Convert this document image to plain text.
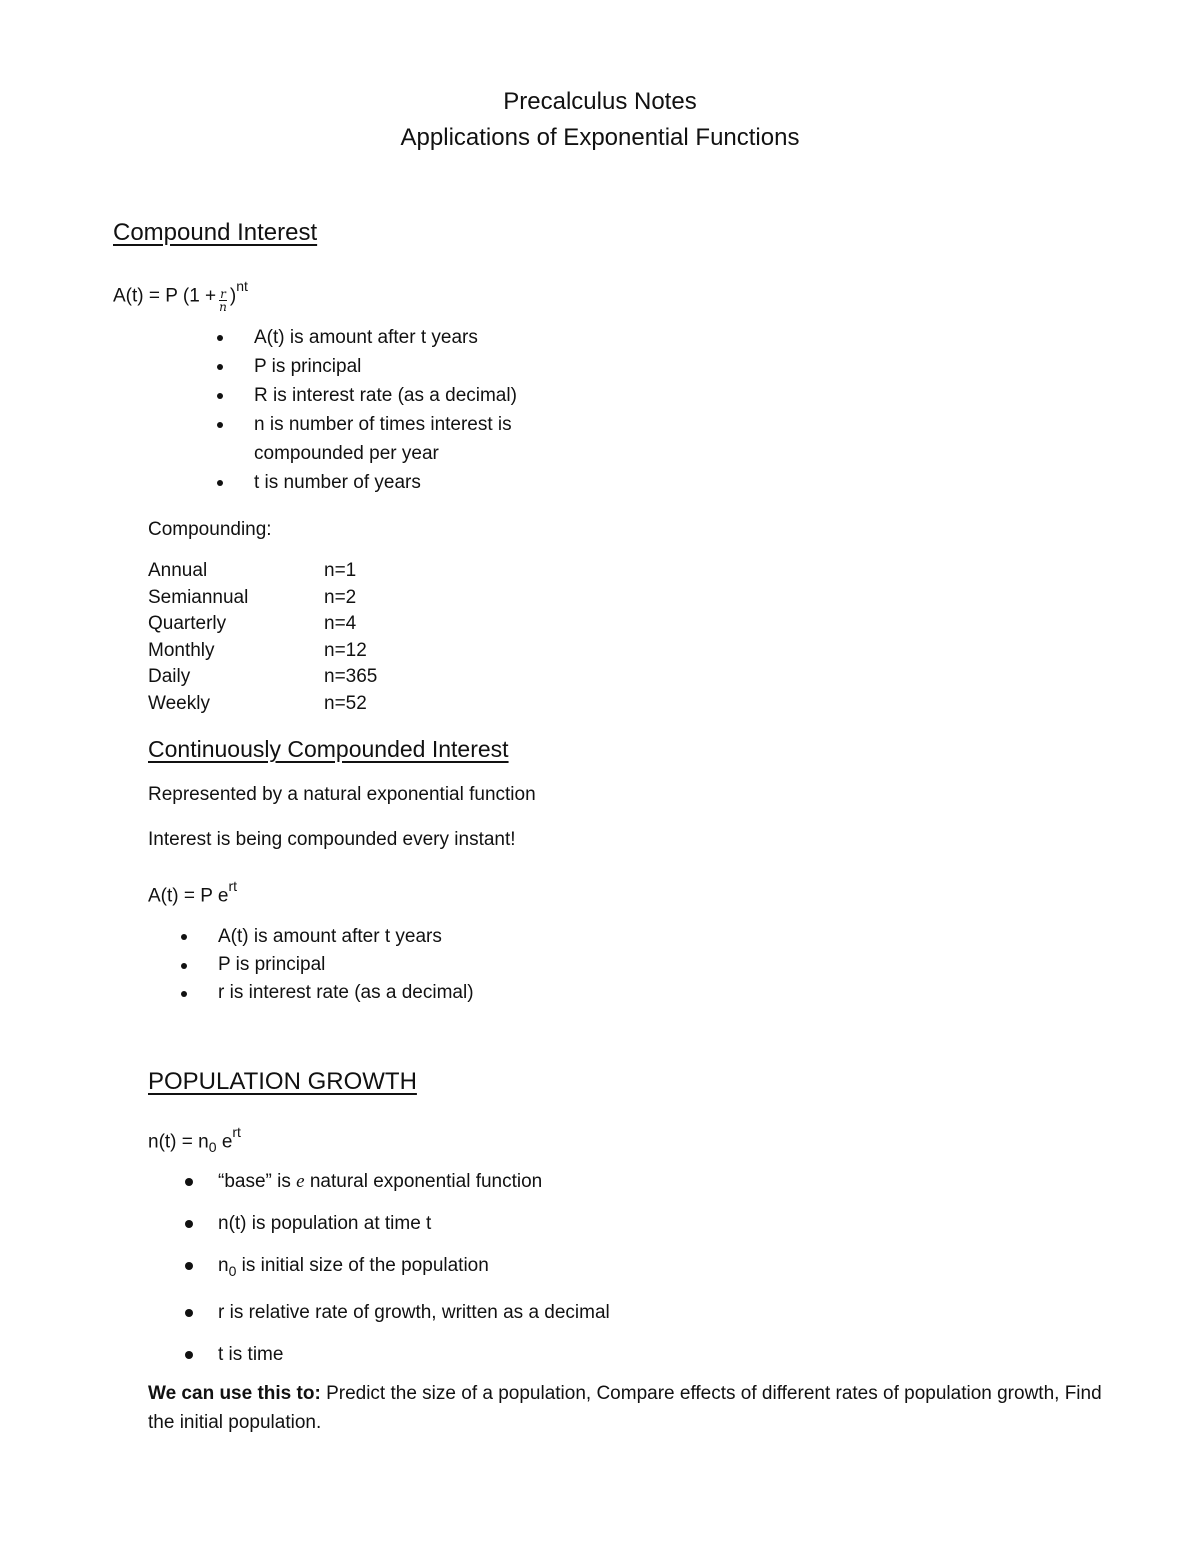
Precalculus Notes
Applications of Exponential Functions
Compound Interest
A(t) = P $(1 + \frac{r}{n} )^{nt}$
A(t) is amount after t years
P is principal
R is interest rate (as a decimal)
n is number of times interest is
compounded per year
t is number of years
Compounding:
Annual	n=1
Semiannual	n=2
Quarterly	n=4
Monthly	n=12
Daily	n=365
Weekly	n=52
Continuously Compounded Interest
Represented by a natural exponential function
Interest is being compounded every instant!
A(t) = P $e^{rt}$
A(t) is amount after t years
P is principal
r is interest rate (as a decimal)
POPULATION GROWTH
$n(t) = n_0$ $e^{rt}$
“base” is e natural exponential function
n(t) is population at time t
$n_0$ is initial size of the population
r is relative rate of growth, written as a decimal
t is time
We can use this to: Predict the size of a population, Compare effects of different rates of population growth, Find the initial population.
